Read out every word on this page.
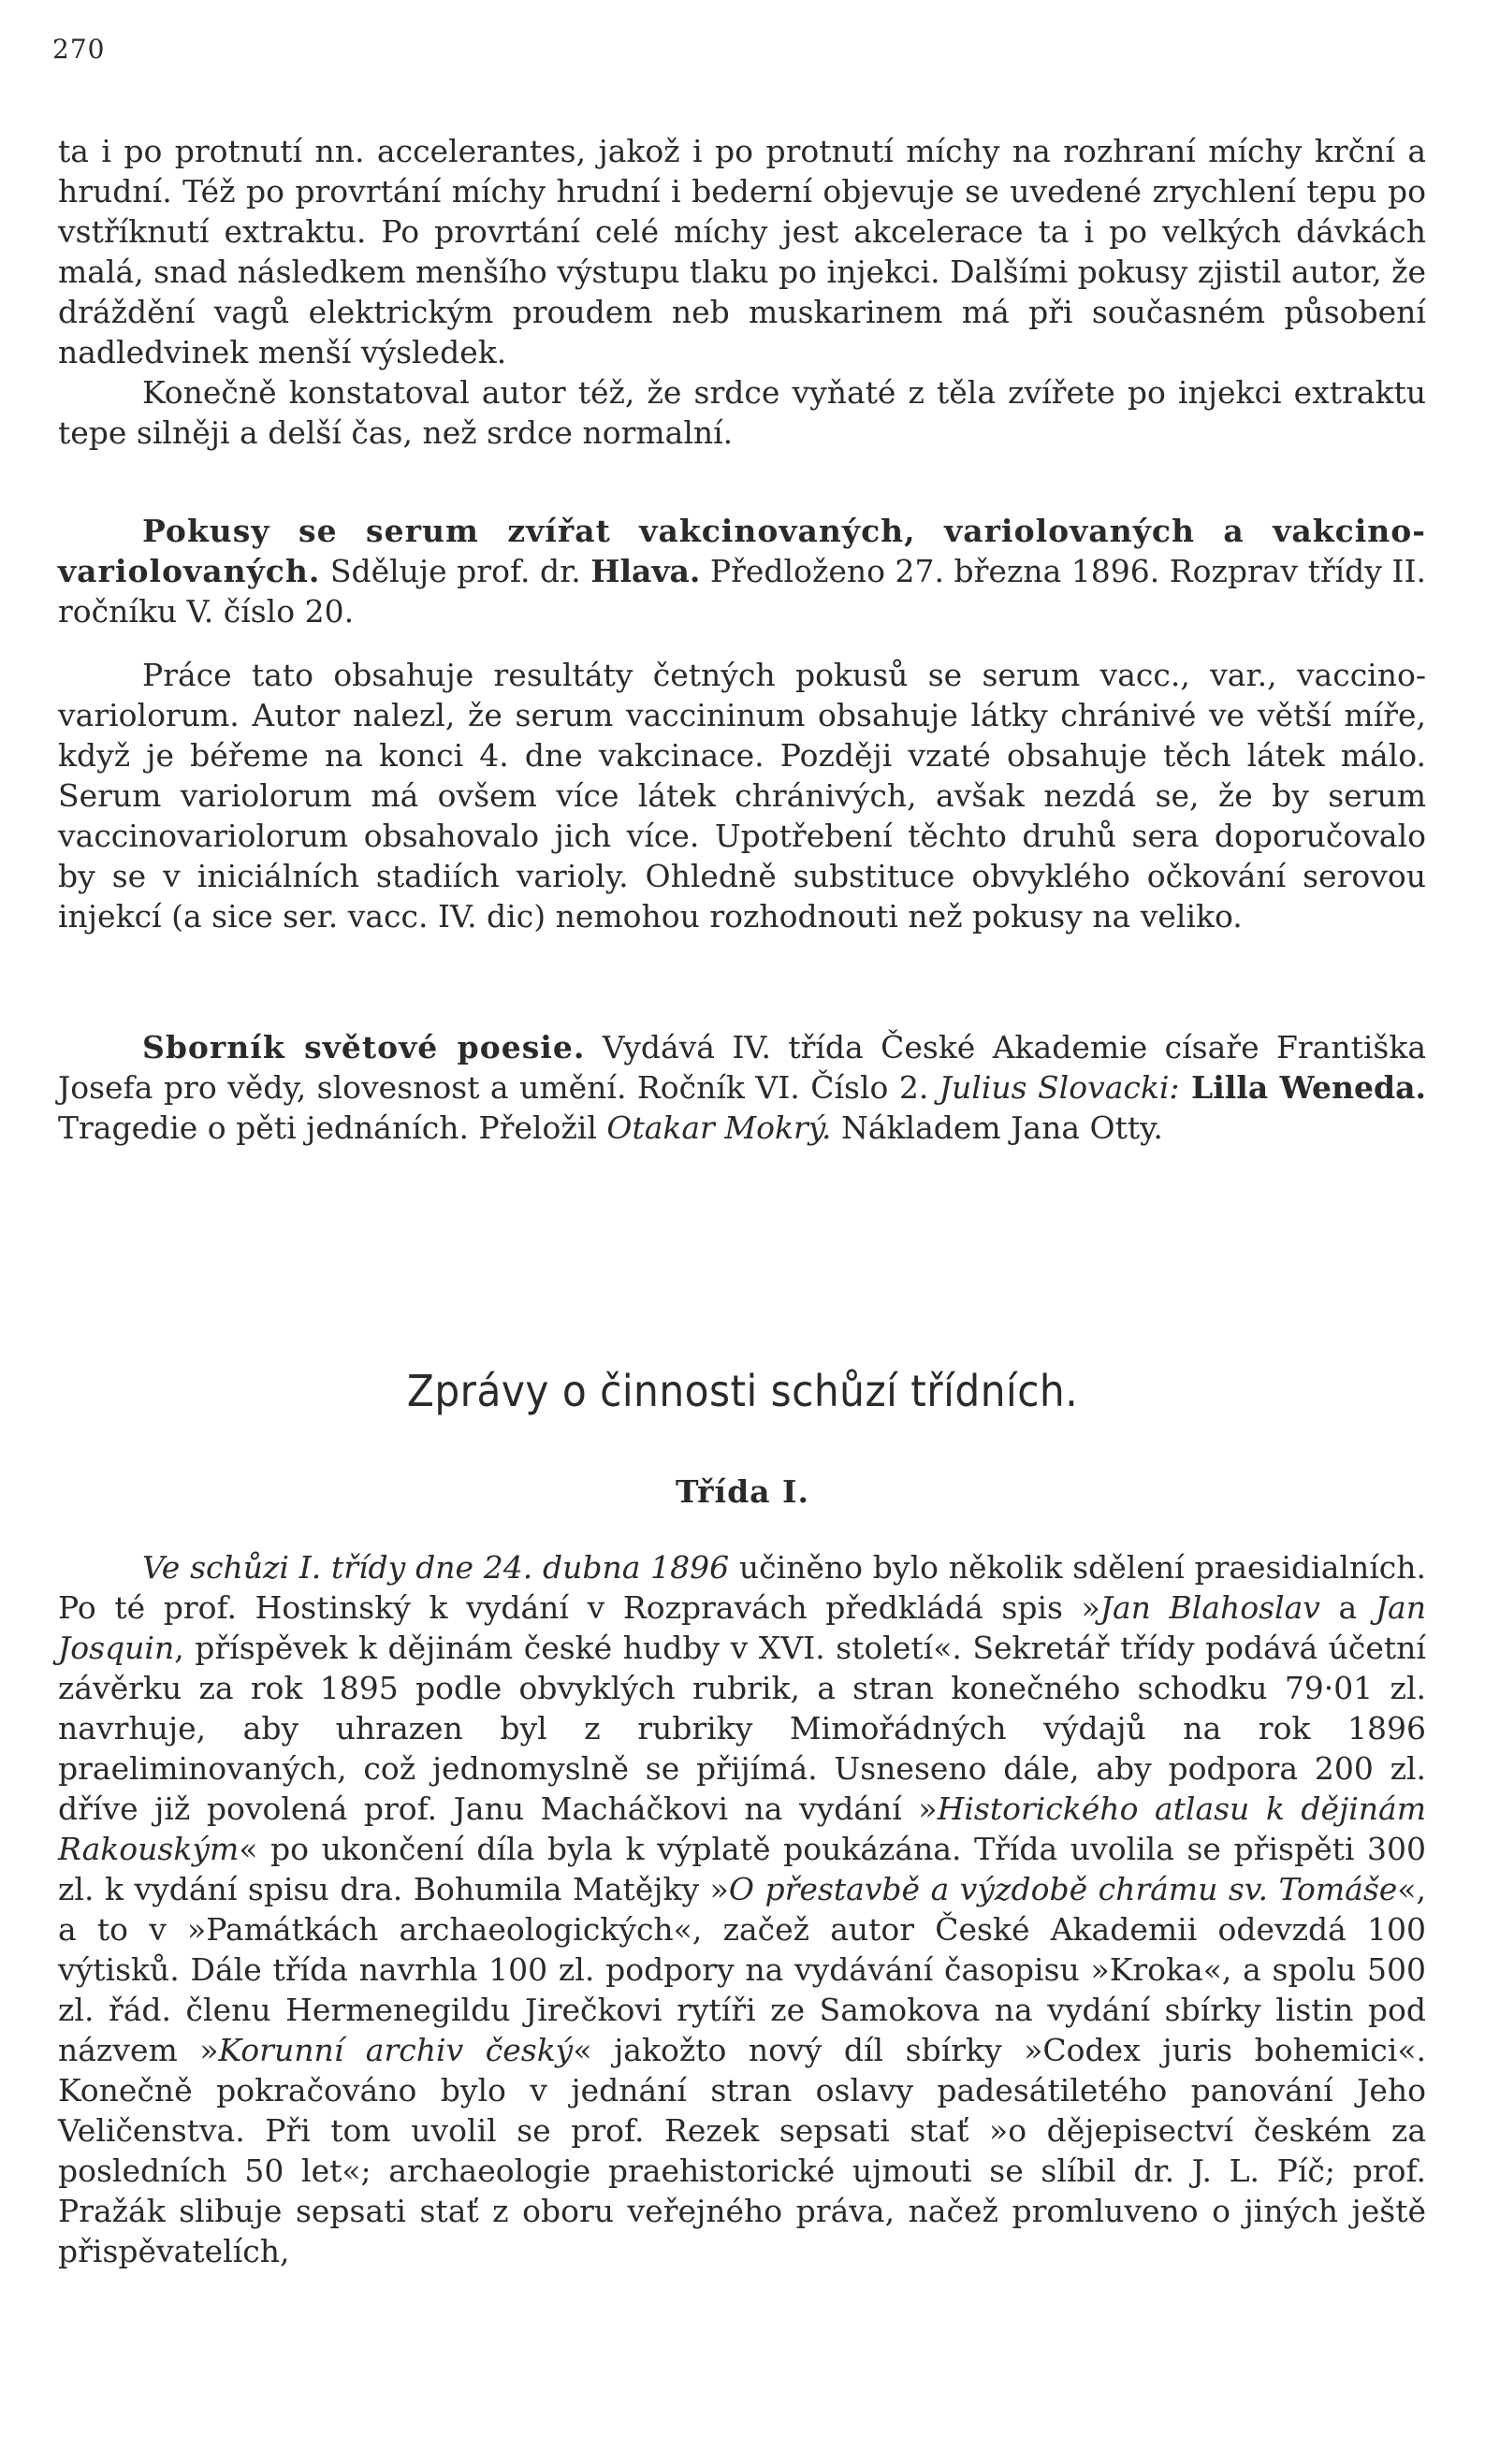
270

ta i po protnutí nn. accelerantes, jakož i po protnutí míchy na rozhraní míchy krční a hrudní. Též po provrtání míchy hrudní i bederní objevuje se uvedené zrychlení tepu po vstříknutí extraktu. Po provrtání celé míchy jest akcelerace ta i po velkých dávkách malá, snad následkem menšího výstupu tlaku po injekci. Dalšími pokusy zjistil autor, že dráždění vagů elektrickým proudem neb muskarinem má při současném působení nadledvinek menší výsledek.

Konečně konstatoval autor též, že srdce vyňaté z těla zvířete po injekci extraktu tepe silněji a delší čas, než srdce normalní.

Pokusy se serum zvířat vakcinovaných, variolovaných a vakcino-variolovaných. Sděluje prof. dr. Hlava. Předloženo 27. března 1896. Rozprav třídy II. ročníku V. číslo 20.

Práce tato obsahuje resultáty četných pokusů se serum vacc., var., vaccino-variolorum. Autor nalezl, že serum vaccininum obsahuje látky chránivé ve větší míře, když je béřeme na konci 4. dne vakcinace. Později vzaté obsahuje těch látek málo. Serum variolorum má ovšem více látek chránivých, avšak nezdá se, že by serum vaccinovariolorum obsahovalo jich více. Upotřebení těchto druhů sera doporučovalo by se v iniciálních stadiích varioly. Ohledně substituce obvyklého očkování serovou injekcí (a sice ser. vacc. IV. dic) nemohou rozhodnouti než pokusy na veliko.

Sborník světové poesie. Vydává IV. třída České Akademie císaře Františka Josefa pro vědy, slovesnost a umění. Ročník VI. Číslo 2. Julius Slovacki: Lilla Weneda. Tragedie o pěti jednáních. Přeložil Otakar Mokrý. Nákladem Jana Otty.

Zprávy o činnosti schůzí třídních.
Třída I.

Ve schůzi I. třídy dne 24. dubna 1896 učiněno bylo několik sdělení praesidialních. Po té prof. Hostinský k vydání v Rozpravách předkládá spis »Jan Blahoslav a Jan Josquin, příspěvek k dějinám české hudby v XVI. století«. Sekretář třídy podává účetní závěrku za rok 1895 podle obvyklých rubrik, a stran konečného schodku 79·01 zl. navrhuje, aby uhrazen byl z rubriky Mimořádných výdajů na rok 1896 praeliminovaných, což jednomyslně se přijímá. Usneseno dále, aby podpora 200 zl. dříve již povolená prof. Janu Macháčkovi na vydání »Historického atlasu k dějinám Rakouským« po ukončení díla byla k výplatě poukázána. Třída uvolila se přispěti 300 zl. k vydání spisu dra. Bohumila Matějky »O přestavbě a výzdobě chrámu sv. Tomáše«, a to v »Památkách archaeologických«, začež autor České Akademii odevzdá 100 výtisků. Dále třída navrhla 100 zl. podpory na vydávání časopisu »Kroka«, a spolu 500 zl. řád. členu Hermenegildu Jirečkovi rytíři ze Samokova na vydání sbírky listin pod názvem »Korunní archiv český« jakožto nový díl sbírky »Codex juris bohemici«. Konečně pokračováno bylo v jednání stran oslavy padesátiletého panování Jeho Veličenstva. Při tom uvolil se prof. Rezek sepsati stať »o dějepisectví českém za posledních 50 let«; archaeologie praehistorické ujmouti se slíbil dr. J. L. Píč; prof. Pražák slibuje sepsati stať z oboru veřejného práva, načež promluveno o jiných ještě přispěvatelích,
